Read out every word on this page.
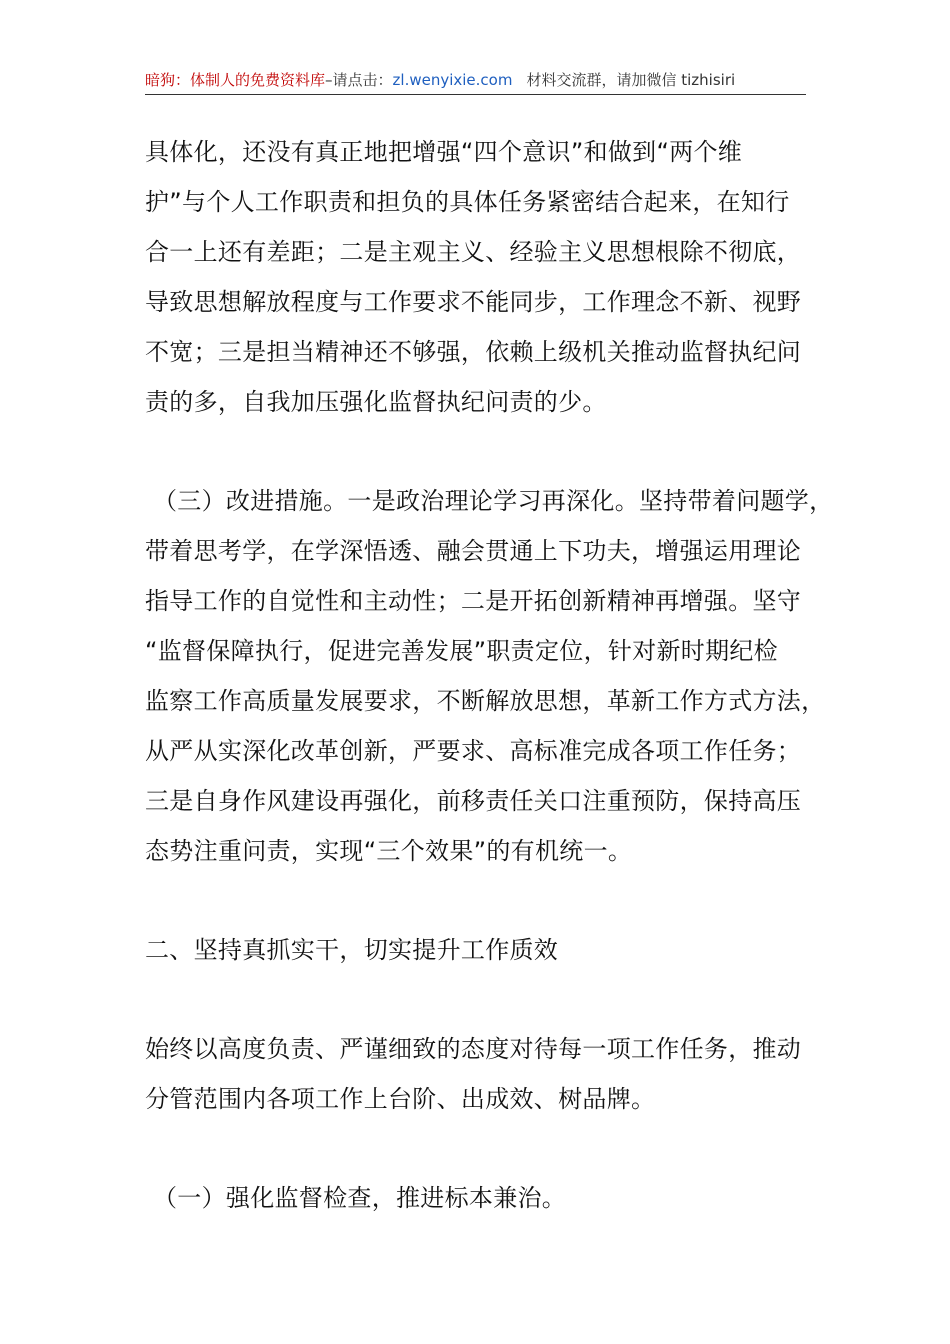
暗狗：体制人的免费资料库–请点击：zl.wenyixie.com 材料交流群，请加微信 tizhisiri

具体化，还没有真正地把增强“四个意识”和做到“两个维
护”与个人工作职责和担负的具体任务紧密结合起来，在知行
合一上还有差距；二是主观主义、经验主义思想根除不彻底，
导致思想解放程度与工作要求不能同步，工作理念不新、视野
不宽；三是担当精神还不够强，依赖上级机关推动监督执纪问
责的多，自我加压强化监督执纪问责的少。

（三）改进措施。一是政治理论学习再深化。坚持带着问题学，
带着思考学，在学深悟透、融会贯通上下功夫，增强运用理论
指导工作的自觉性和主动性；二是开拓创新精神再增强。坚守
“监督保障执行，促进完善发展”职责定位，针对新时期纪检
监察工作高质量发展要求，不断解放思想，革新工作方式方法，
从严从实深化改革创新，严要求、高标准完成各项工作任务；
三是自身作风建设再强化，前移责任关口注重预防，保持高压
态势注重问责，实现“三个效果”的有机统一。

二、坚持真抓实干，切实提升工作质效

始终以高度负责、严谨细致的态度对待每一项工作任务，推动
分管范围内各项工作上台阶、出成效、树品牌。

（一）强化监督检查，推进标本兼治。
